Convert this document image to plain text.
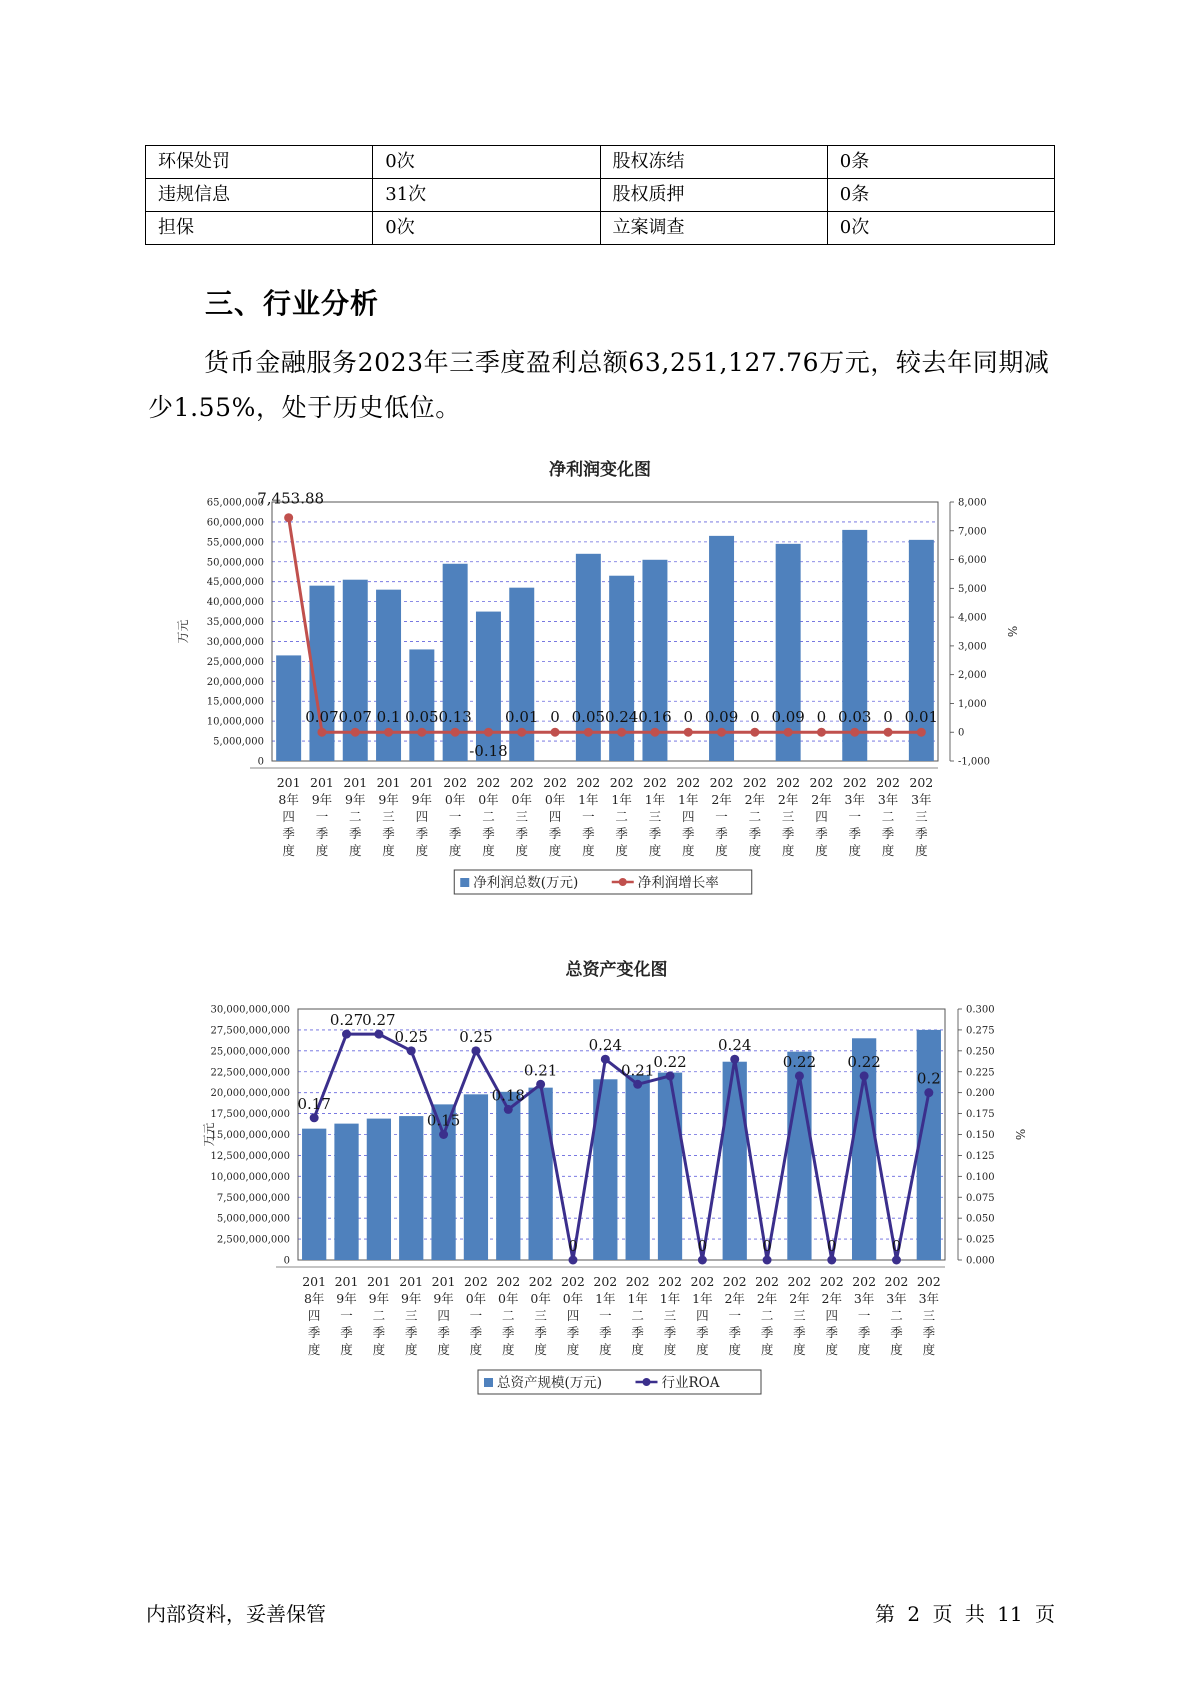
环保处罚	0次	股权冻结	0条
违规信息	31次	股权质押	0条
担保	0次	立案调查	0次
三、行业分析

货币金融服务2023年三季度盈利总额63,251,127.76万元，较去年同期减少1.55%，处于历史低位。

净利润变化图
0
5,000,000
10,000,000
15,000,000
20,000,000
25,000,000
30,000,000
35,000,000
40,000,000
45,000,000
50,000,000
55,000,000
60,000,000
65,000,000
-1,000
0
1,000
2,000
3,000
4,000
5,000
6,000
7,000
8,000
万元	%
7,453.88
0.07 0.07 0.1 0.05 0.13
-0.18
0.01 0 0.05 0.24 0.16 0 0.09 0 0.09 0 0.03 0 0.01
201 8年四季度
201 9年一季度
201 9年二季度
201 9年三季度
201 9年四季度
202 0年一季度
202 0年二季度
202 0年三季度
202 0年四季度
202 1年一季度
202 1年二季度
202 1年三季度
202 1年四季度
202 2年一季度
202 2年二季度
202 2年三季度
202 2年四季度
202 3年一季度
202 3年二季度
202 3年三季度
净利润总数(万元)	净利润增长率
总资产变化图
0
2,500,000,000
5,000,000,000
7,500,000,000
10,000,000,000
12,500,000,000
15,000,000,000
17,500,000,000
20,000,000,000
22,500,000,000
25,000,000,000
27,500,000,000
30,000,000,000
0.000
0.025
0.050
0.075
0.100
0.125
0.150
0.175
0.200
0.225
0.250
0.275
0.300
万元	%
0.17
0.27
0.27
0.25
0.15
0.25
0.18
0.21
0
0.24
0.21
0.22
0
0.24
0
0.22
0
0.22
0
0.2
201 8年四季度
201 9年一季度
201 9年二季度
201 9年三季度
201 9年四季度
202 0年一季度
202 0年二季度
202 0年三季度
202 0年四季度
202 1年一季度
202 1年二季度
202 1年三季度
202 1年四季度
202 2年一季度
202 2年二季度
202 2年三季度
202 2年四季度
202 3年一季度
202 3年二季度
202 3年三季度
总资产规模(万元)	行业ROA
内部资料，妥善保管	第 2 页 共 11 页
